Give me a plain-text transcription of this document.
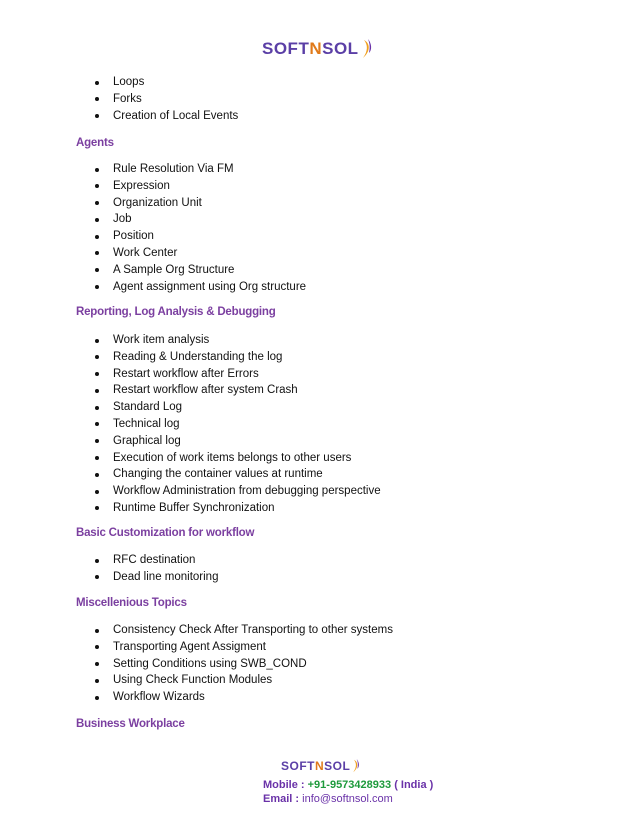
SOFT N SOL
Loops
Forks
Creation of Local Events
Agents
Rule Resolution Via FM
Expression
Organization Unit
Job
Position
Work Center
A Sample Org Structure
Agent assignment using Org structure
Reporting, Log Analysis & Debugging
Work item analysis
Reading & Understanding the log
Restart workflow after Errors
Restart workflow after system Crash
Standard Log
Technical log
Graphical log
Execution of work items belongs to other users
Changing the container values at runtime
Workflow Administration from debugging perspective
Runtime Buffer Synchronization
Basic Customization for workflow
RFC destination
Dead line monitoring
Miscellenious Topics
Consistency Check After Transporting to other systems
Transporting Agent Assigment
Setting Conditions using SWB_COND
Using Check Function Modules
Workflow Wizards
Business Workplace
SOFT N SOL
Mobile : +91-9573428933 ( India )
Email : info@softnsol.com
